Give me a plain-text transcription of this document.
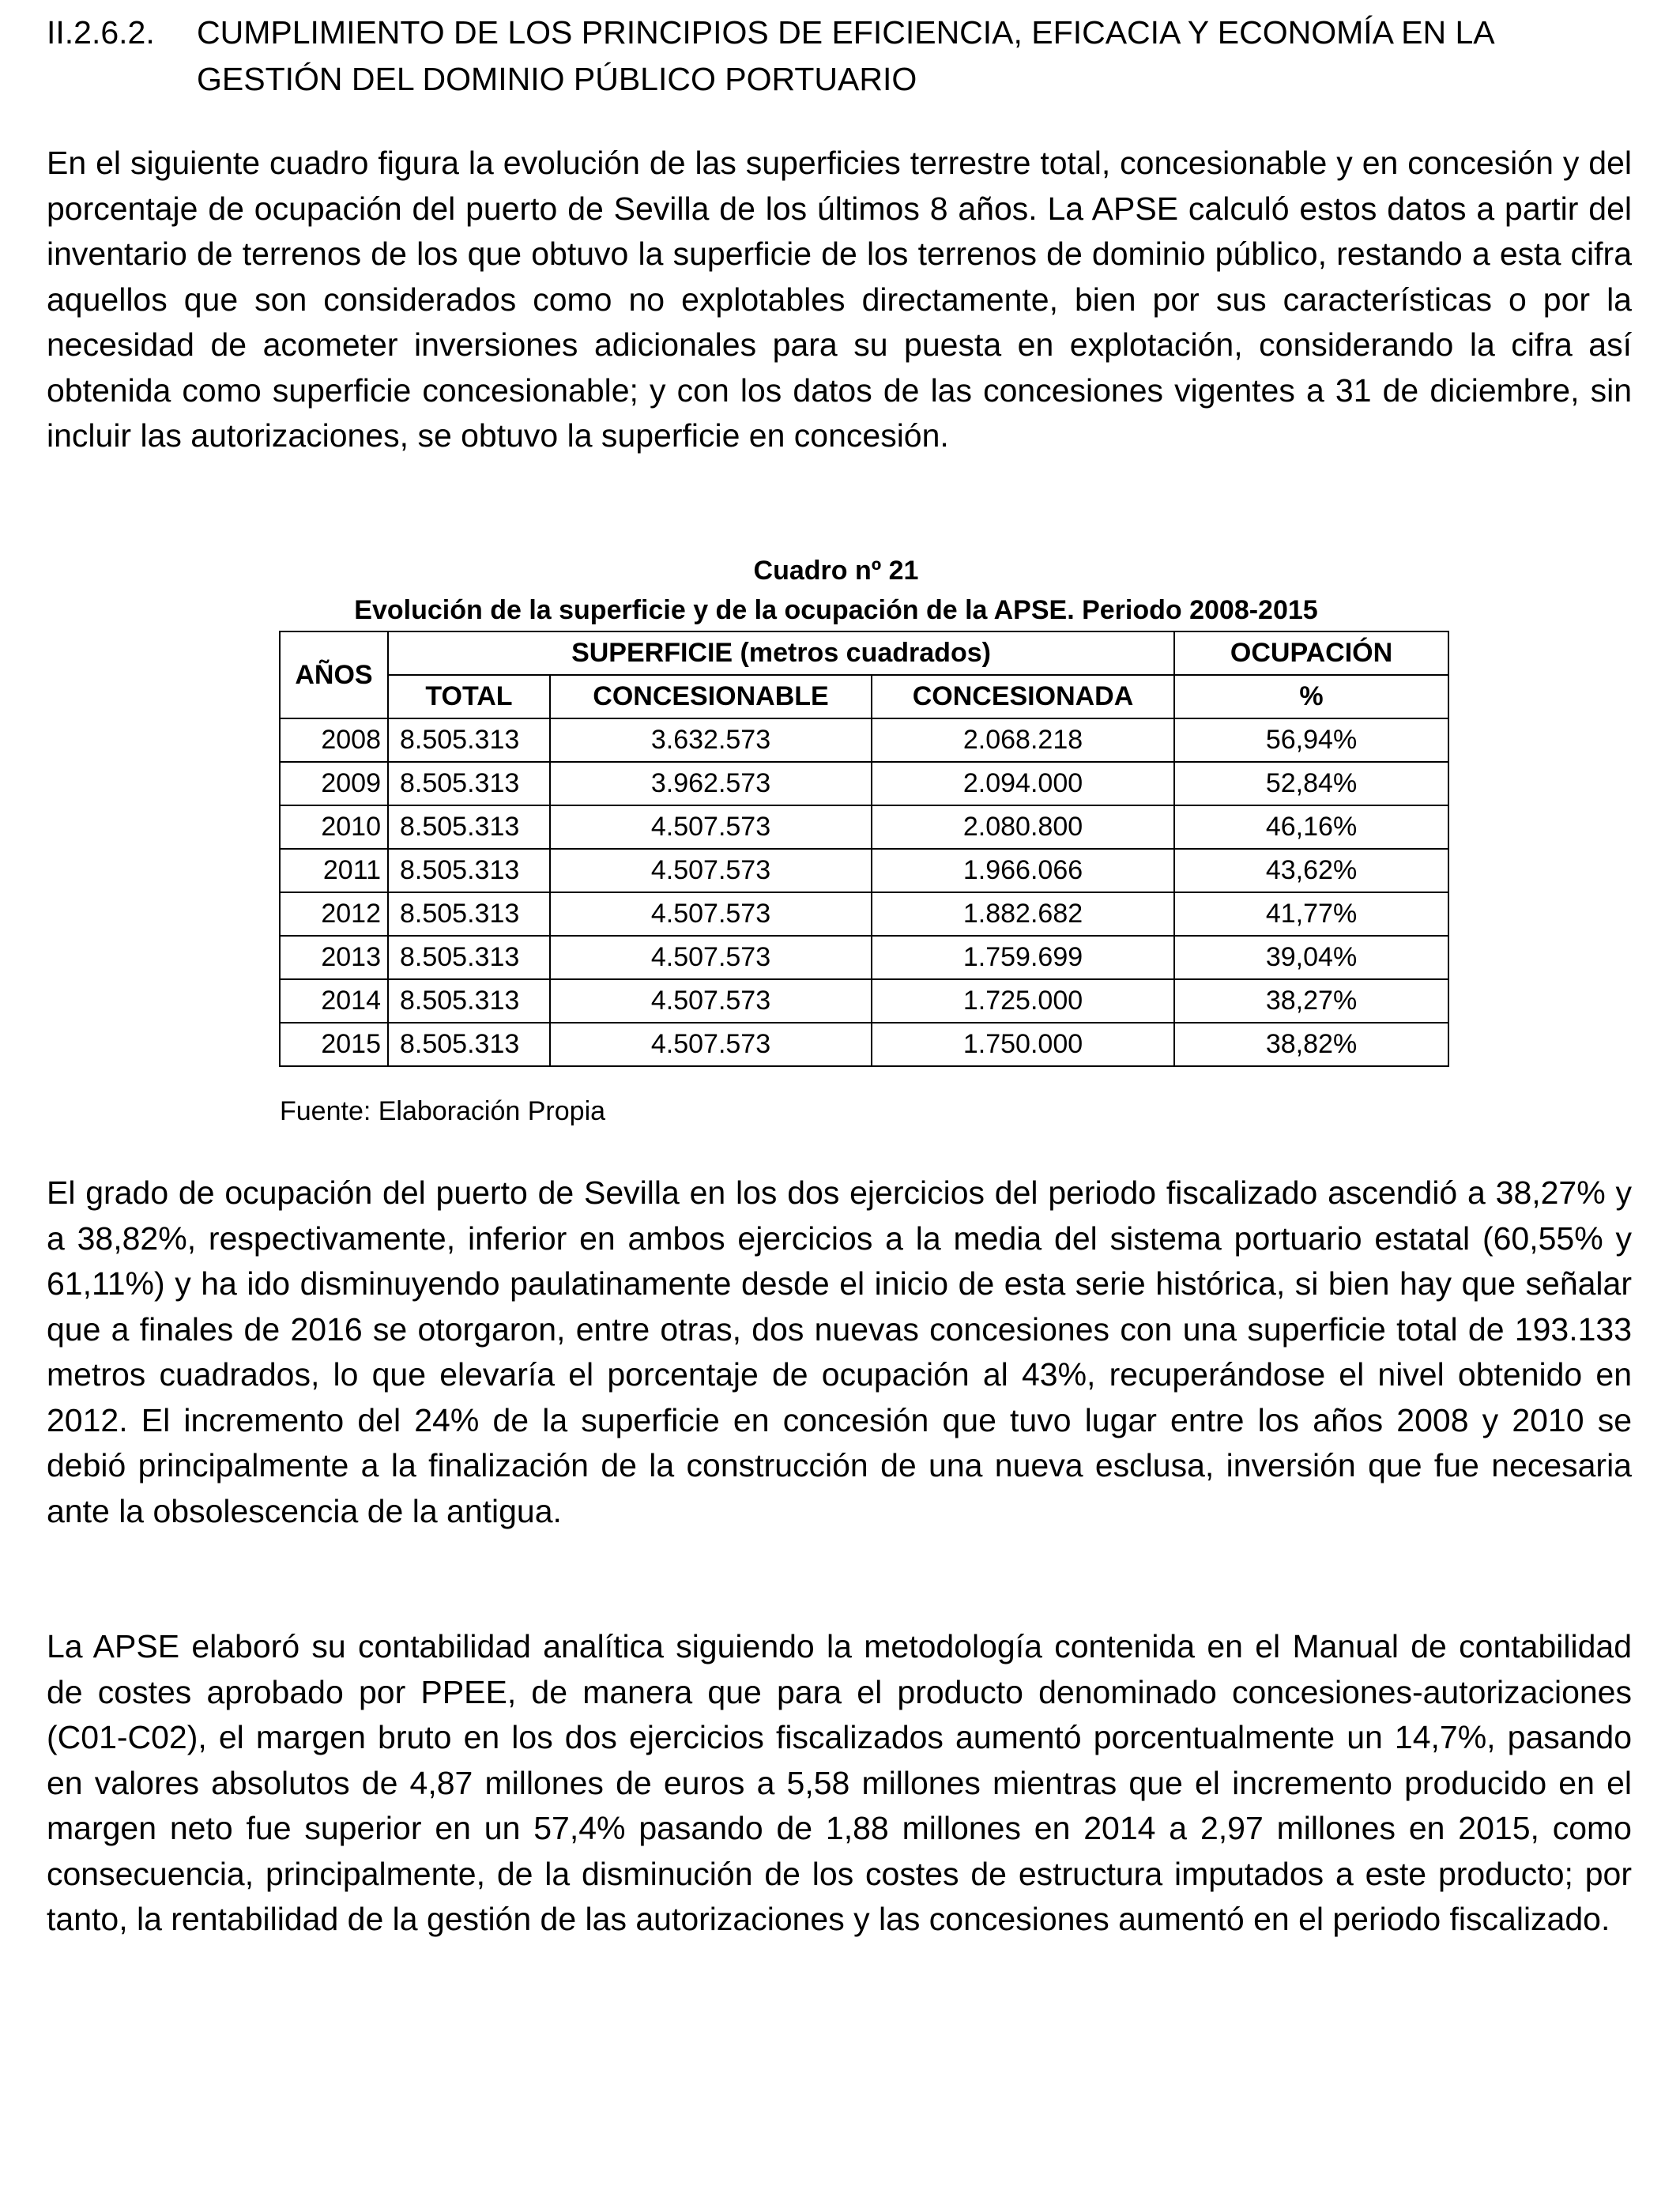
II.2.6.2. CUMPLIMIENTO DE LOS PRINCIPIOS DE EFICIENCIA, EFICACIA Y ECONOMÍA EN LA GESTIÓN DEL DOMINIO PÚBLICO PORTUARIO

En el siguiente cuadro figura la evolución de las superficies terrestre total, concesionable y en concesión y del porcentaje de ocupación del puerto de Sevilla de los últimos 8 años. La APSE calculó estos datos a partir del inventario de terrenos de los que obtuvo la superficie de los terrenos de dominio público, restando a esta cifra aquellos que son considerados como no explotables directamente, bien por sus características o por la necesidad de acometer inversiones adicionales para su puesta en explotación, considerando la cifra así obtenida como superficie concesionable; y con los datos de las concesiones vigentes a 31 de diciembre, sin incluir las autorizaciones, se obtuvo la superficie en concesión.

Cuadro nº 21
Evolución de la superficie y de la ocupación de la APSE. Periodo 2008-2015
AÑOS	SUPERFICIE (metros cuadrados)			OCUPACIÓN
	TOTAL	CONCESIONABLE	CONCESIONADA	%
2008	8.505.313	3.632.573	2.068.218	56,94%
2009	8.505.313	3.962.573	2.094.000	52,84%
2010	8.505.313	4.507.573	2.080.800	46,16%
2011	8.505.313	4.507.573	1.966.066	43,62%
2012	8.505.313	4.507.573	1.882.682	41,77%
2013	8.505.313	4.507.573	1.759.699	39,04%
2014	8.505.313	4.507.573	1.725.000	38,27%
2015	8.505.313	4.507.573	1.750.000	38,82%
Fuente: Elaboración Propia

El grado de ocupación del puerto de Sevilla en los dos ejercicios del periodo fiscalizado ascendió a 38,27% y a 38,82%, respectivamente, inferior en ambos ejercicios a la media del sistema portuario estatal (60,55% y 61,11%) y ha ido disminuyendo paulatinamente desde el inicio de esta serie histórica, si bien hay que señalar que a finales de 2016 se otorgaron, entre otras, dos nuevas concesiones con una superficie total de 193.133 metros cuadrados, lo que elevaría el porcentaje de ocupación al 43%, recuperándose el nivel obtenido en 2012. El incremento del 24% de la superficie en concesión que tuvo lugar entre los años 2008 y 2010 se debió principalmente a la finalización de la construcción de una nueva esclusa, inversión que fue necesaria ante la obsolescencia de la antigua.

La APSE elaboró su contabilidad analítica siguiendo la metodología contenida en el Manual de contabilidad de costes aprobado por PPEE, de manera que para el producto denominado concesiones-autorizaciones (C01-C02), el margen bruto en los dos ejercicios fiscalizados aumentó porcentualmente un 14,7%, pasando en valores absolutos de 4,87 millones de euros a 5,58 millones mientras que el incremento producido en el margen neto fue superior en un 57,4% pasando de 1,88 millones en 2014 a 2,97 millones en 2015, como consecuencia, principalmente, de la disminución de los costes de estructura imputados a este producto; por tanto, la rentabilidad de la gestión de las autorizaciones y las concesiones aumentó en el periodo fiscalizado.
